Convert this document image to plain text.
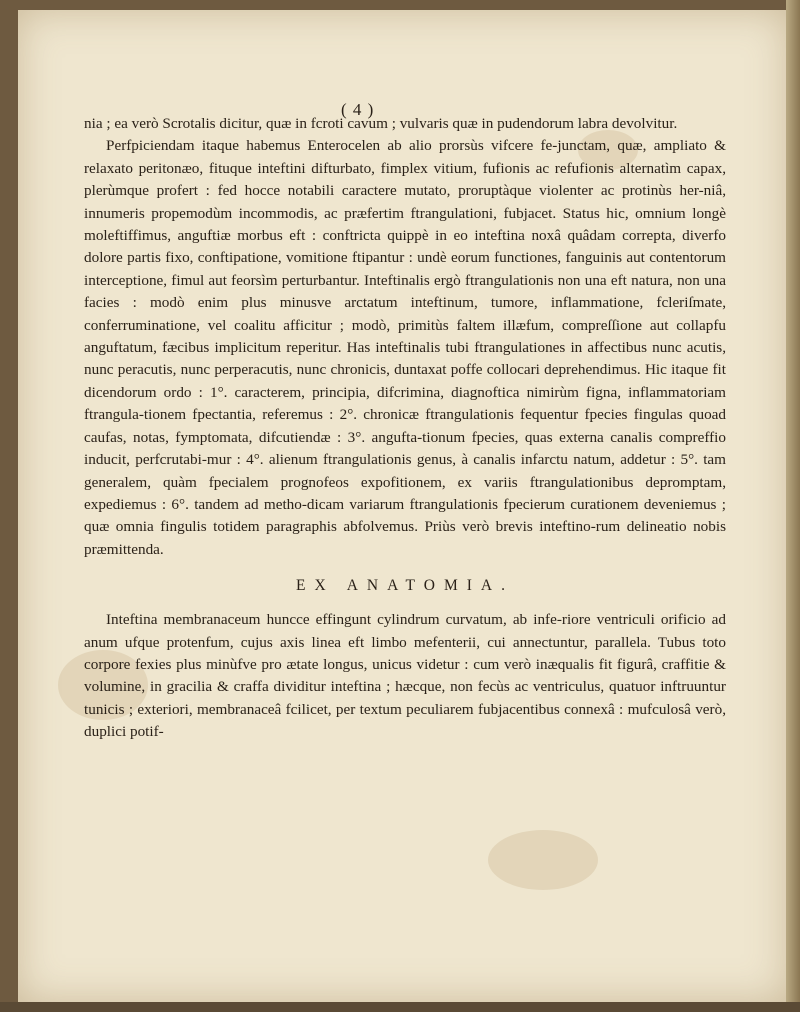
( 4 )

nia ; ea verò Scrotalis dicitur, quæ in fcroti cavum ; vulvaris quæ in pudendorum labra devolvitur.

Perfpiciendam itaque habemus Enterocelen ab alio prorsùs vifcere fe-junctam, quæ, ampliato & relaxato peritonæo, fituque inteftini difturbato, fimplex vitium, fufionis ac refufionis alternatìm capax, plerùmque profert : fed hocce notabili caractere mutato, proruptàque violenter ac protinùs her-niâ, innumeris propemodùm incommodis, ac præfertim ftrangulationi, fubjacet. Status hic, omnium longè moleftiffimus, anguftiæ morbus eft : conftricta quippè in eo inteftina noxâ quâdam correpta, diverfo dolore partis fixo, conftipatione, vomitione ftipantur : undè eorum functiones, fanguinis aut contentorum interceptione, fimul aut feorsìm perturbantur. Inteftinalis ergò ftrangulationis non una eft natura, non una facies : modò enim plus minusve arctatum inteftinum, tumore, inflammatione, fcleriſmate, conferruminatione, vel coalitu afficitur ; modò, primitùs faltem illæfum, compreſſione aut collapfu anguftatum, fæcibus implicitum reperitur. Has inteftinalis tubi ftrangulationes in affectibus nunc acutis, nunc peracutis, nunc perperacutis, nunc chronicis, duntaxat poffe collocari deprehendimus. Hic itaque fit dicendorum ordo : 1°. caracterem, principia, difcrimina, diagnoftica nimirùm figna, inflammatoriam ftrangula-tionem fpectantia, referemus : 2°. chronicæ ftrangulationis fequentur fpecies fingulas quoad caufas, notas, fymptomata, difcutiendæ : 3°. angufta-tionum fpecies, quas externa canalis compreffio inducit, perfcrutabi-mur : 4°. alienum ftrangulationis genus, à canalis infarctu natum, addetur : 5°. tam generalem, quàm fpecialem prognofeos expofitionem, ex variis ftrangulationibus depromptam, expediemus : 6°. tandem ad metho-dicam variarum ftrangulationis fpecierum curationem deveniemus ; quæ omnia fingulis totidem paragraphis abfolvemus. Priùs verò brevis inteftino-rum delineatio nobis præmittenda.

EX ANATOMIA.

Inteftina membranaceum huncce effingunt cylindrum curvatum, ab infe-riore ventriculi orificio ad anum ufque protenfum, cujus axis linea eft limbo mefenterii, cui annectuntur, parallela. Tubus toto corpore fexies plus minùfve pro ætate longus, unicus videtur : cum verò inæqualis fit figurâ, craffitie & volumine, in gracilia & craffa dividitur inteftina ; hæcque, non fecùs ac ventriculus, quatuor inftruuntur tunicis ; exteriori, membranaceâ fcilicet, per textum peculiarem fubjacentibus connexâ : mufculosâ verò, duplici potif-
